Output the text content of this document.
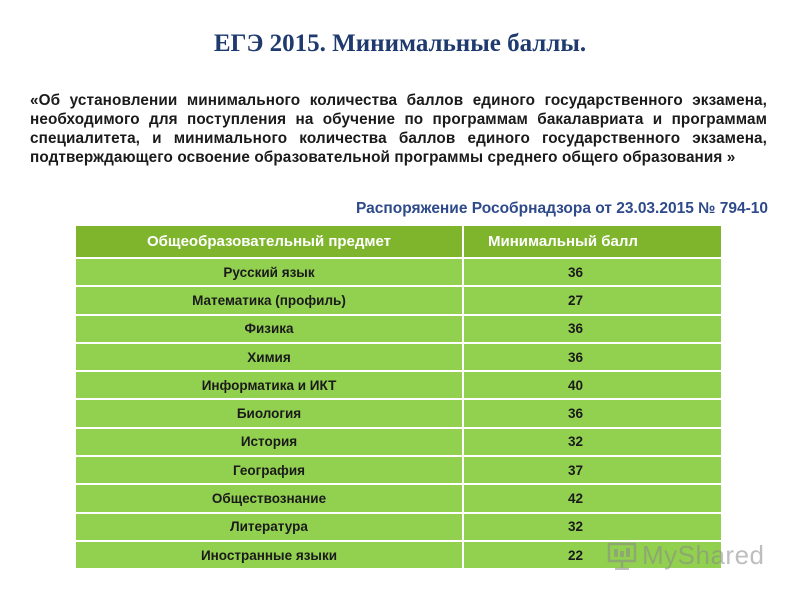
ЕГЭ 2015. Минимальные баллы.
«Об установлении минимального количества баллов единого государственного экзамена, необходимого для поступления на обучение по программам бакалавриата и программам специалитета, и минимального количества баллов единого государственного экзамена, подтверждающего освоение образовательной программы среднего общего образования »
Распоряжение Рособрнадзора от 23.03.2015 № 794-10
Общеобразовательный предмет	Минимальный балл
Русский язык	36
Математика (профиль)	27
Физика	36
Химия	36
Информатика и ИКТ	40
Биология	36
История	32
География	37
Обществознание	42
Литература	32
Иностранные языки	22 MyShared
